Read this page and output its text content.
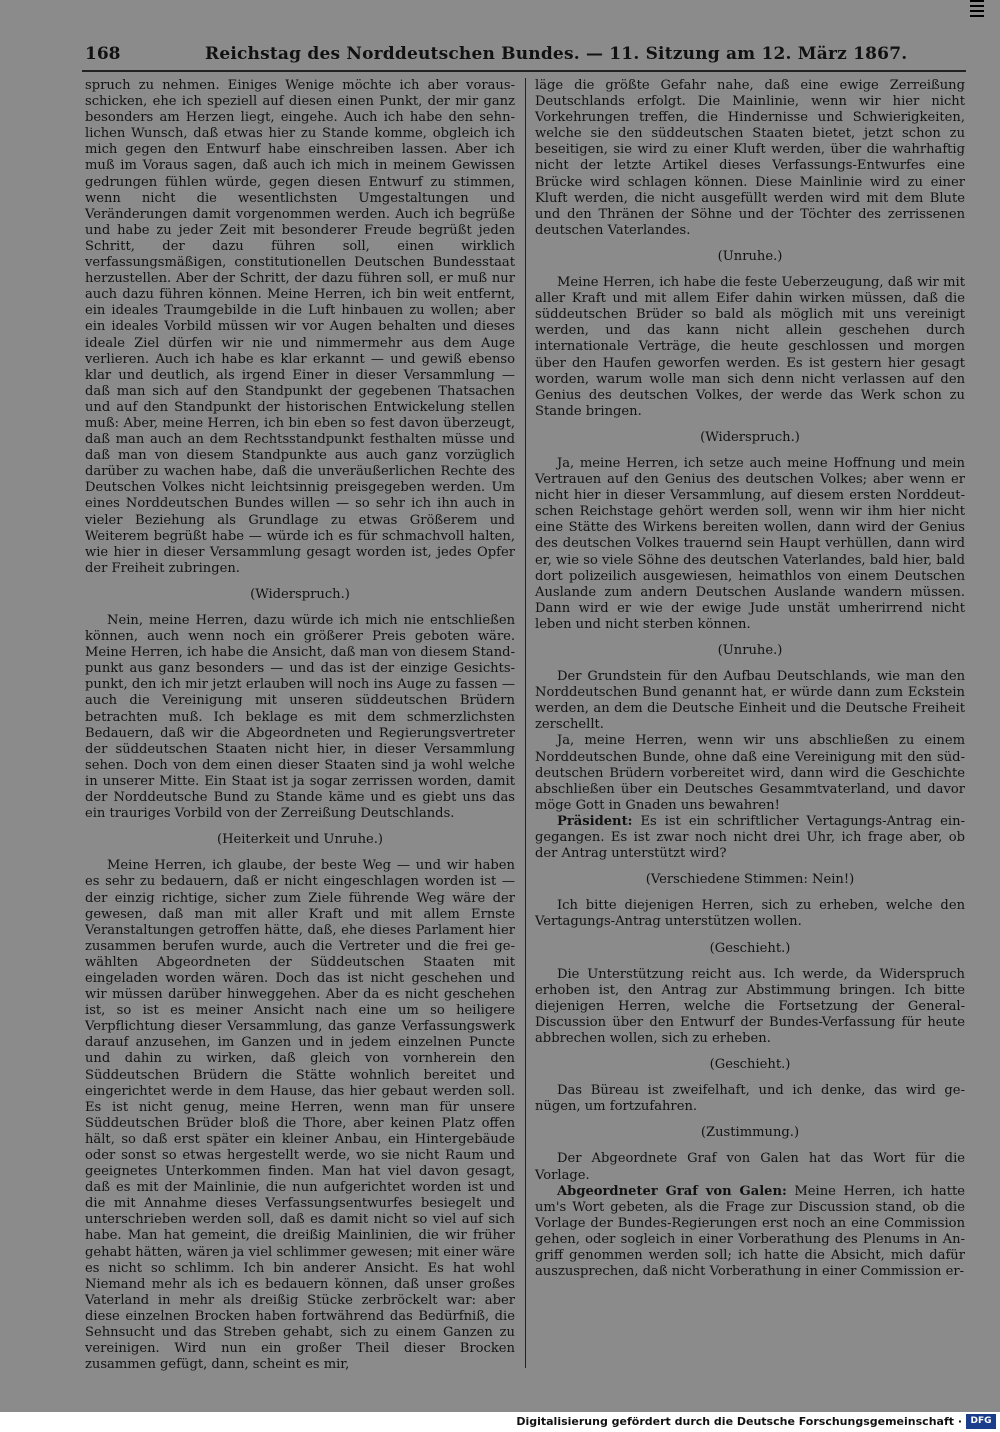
168	Reichstag des Norddeutschen Bundes. — 11. Sitzung am 12. März 1867.

spruch zu nehmen. Einiges Wenige möchte ich aber vorausschicken, ehe ich speziell auf diesen einen Punkt, der mir ganz besonders am Herzen liegt, eingehe. Auch ich habe den sehnlichen Wunsch, daß etwas hier zu Stande komme, obgleich ich mich gegen den Entwurf habe einschreiben lassen. Aber ich muß im Voraus sagen, daß auch ich mich in meinem Gewissen gedrungen fühlen würde, gegen diesen Entwurf zu stimmen, wenn nicht die wesentlichsten Umgestaltungen und Veränderungen damit vorgenommen werden. Auch ich begrüße und habe zu jeder Zeit mit besonderer Freude begrüßt jeden Schritt, der dazu führen soll, einen wirklich verfassungsmäßigen, constitutionellen Deutschen Bundesstaat herzustellen. Aber der Schritt, der dazu führen soll, er muß nur auch dazu führen können. Meine Herren, ich bin weit entfernt, ein ideales Traumgebilde in die Luft hinbauen zu wollen; aber ein ideales Vorbild müssen wir vor Augen behalten und dieses ideale Ziel dürfen wir nie und nimmermehr aus dem Auge verlieren. Auch ich habe es klar erkannt — und gewiß ebenso klar und deutlich, als irgend Einer in dieser Versammlung — daß man sich auf den Standpunkt der gegebenen Thatsachen und auf den Standpunkt der historischen Entwickelung stellen muß: Aber, meine Herren, ich bin eben so fest davon überzeugt, daß man auch an dem Rechtsstandpunkt festhalten müsse und daß man von diesem Standpunkte aus auch ganz vorzüglich darüber zu wachen habe, daß die unveräußerlichen Rechte des Deutschen Volkes nicht leichtsinnig preisgegeben werden. Um eines Norddeutschen Bundes willen — so sehr ich ihn auch in vieler Beziehung als Grundlage zu etwas Größerem und Weiterem begrüßt habe — würde ich es für schmachvoll halten, wie hier in dieser Versammlung gesagt worden ist, jedes Opfer der Freiheit zubringen.

(Widerspruch.)

Nein, meine Herren, dazu würde ich mich nie entschließen können, auch wenn noch ein größerer Preis geboten wäre. Meine Herren, ich habe die Ansicht, daß man von diesem Standpunkt aus ganz besonders — und das ist der einzige Gesichtspunkt, den ich mir jetzt erlauben will noch ins Auge zu fassen — auch die Vereinigung mit unseren süddeutschen Brüdern betrachten muß. Ich beklage es mit dem schmerzlichsten Bedauern, daß wir die Abgeordneten und Regierungsvertreter der süddeutschen Staaten nicht hier, in dieser Versammlung sehen. Doch von dem einen dieser Staaten sind ja wohl welche in unserer Mitte. Ein Staat ist ja sogar zerrissen worden, damit der Norddeutsche Bund zu Stande käme und es giebt uns das ein trauriges Vorbild von der Zerreißung Deutschlands.

(Heiterkeit und Unruhe.)

Meine Herren, ich glaube, der beste Weg — und wir haben es sehr zu bedauern, daß er nicht eingeschlagen worden ist — der einzig richtige, sicher zum Ziele führende Weg wäre der gewesen, daß man mit aller Kraft und mit allem Ernste Veranstaltungen getroffen hätte, daß, ehe dieses Parlament hier zusammen berufen wurde, auch die Vertreter und die frei gewählten Abgeordneten der Süddeutschen Staaten mit eingeladen worden wären. Doch das ist nicht geschehen und wir müssen darüber hinweggehen. Aber da es nicht geschehen ist, so ist es meiner Ansicht nach eine um so heiligere Verpflichtung dieser Versammlung, das ganze Verfassungswerk darauf anzusehen, im Ganzen und in jedem einzelnen Puncte und dahin zu wirken, daß gleich von vornherein den Süddeutschen Brüdern die Stätte wohnlich bereitet und eingerichtet werde in dem Hause, das hier gebaut werden soll. Es ist nicht genug, meine Herren, wenn man für unsere Süddeutschen Brüder bloß die Thore, aber keinen Platz offen hält, so daß erst später ein kleiner Anbau, ein Hintergebäude oder sonst so etwas hergestellt werde, wo sie nicht Raum und geeignetes Unterkommen finden. Man hat viel davon gesagt, daß es mit der Mainlinie, die nun aufgerichtet worden ist und die mit Annahme dieses Verfassungsentwurfes besiegelt und unterschrieben werden soll, daß es damit nicht so viel auf sich habe. Man hat gemeint, die dreißig Mainlinien, die wir früher gehabt hätten, wären ja viel schlimmer gewesen; mit einer wäre es nicht so schlimm. Ich bin anderer Ansicht. Es hat wohl Niemand mehr als ich es bedauern können, daß unser großes Vaterland in mehr als dreißig Stücke zerbröckelt war: aber diese einzelnen Brocken haben fortwährend das Bedürfniß, die Sehnsucht und das Streben gehabt, sich zu einem Ganzen zu vereinigen. Wird nun ein großer Theil dieser Brocken zusammen gefügt, dann, scheint es mir,

läge die größte Gefahr nahe, daß eine ewige Zerreißung Deutschlands erfolgt. Die Mainlinie, wenn wir hier nicht Vorkehrungen treffen, die Hindernisse und Schwierigkeiten, welche sie den süddeutschen Staaten bietet, jetzt schon zu beseitigen, sie wird zu einer Kluft werden, über die wahrhaftig nicht der letzte Artikel dieses Verfassungs-Entwurfes eine Brücke wird schlagen können. Diese Mainlinie wird zu einer Kluft werden, die nicht ausgefüllt werden wird mit dem Blute und den Thränen der Söhne und der Töchter des zerrissenen deutschen Vaterlandes.

(Unruhe.)

Meine Herren, ich habe die feste Ueberzeugung, daß wir mit aller Kraft und mit allem Eifer dahin wirken müssen, daß die süddeutschen Brüder so bald als möglich mit uns vereinigt werden, und das kann nicht allein geschehen durch internationale Verträge, die heute geschlossen und morgen über den Haufen geworfen werden. Es ist gestern hier gesagt worden, warum wolle man sich denn nicht verlassen auf den Genius des deutschen Volkes, der werde das Werk schon zu Stande bringen.

(Widerspruch.)

Ja, meine Herren, ich setze auch meine Hoffnung und mein Vertrauen auf den Genius des deutschen Volkes; aber wenn er nicht hier in dieser Versammlung, auf diesem ersten Norddeutschen Reichstage gehört werden soll, wenn wir ihm hier nicht eine Stätte des Wirkens bereiten wollen, dann wird der Genius des deutschen Volkes trauernd sein Haupt verhüllen, dann wird er, wie so viele Söhne des deutschen Vaterlandes, bald hier, bald dort polizeilich ausgewiesen, heimathlos von einem Deutschen Auslande zum andern Deutschen Auslande wandern müssen. Dann wird er wie der ewige Jude unstät umherirrend nicht leben und nicht sterben können.

(Unruhe.)

Der Grundstein für den Aufbau Deutschlands, wie man den Norddeutschen Bund genannt hat, er würde dann zum Eckstein werden, an dem die Deutsche Einheit und die Deutsche Freiheit zerschellt.

Ja, meine Herren, wenn wir uns abschließen zu einem Norddeutschen Bunde, ohne daß eine Vereinigung mit den süddeutschen Brüdern vorbereitet wird, dann wird die Geschichte abschließen über ein Deutsches Gesammtvaterland, und davor möge Gott in Gnaden uns bewahren!

Präsident: Es ist ein schriftlicher Vertagungs-Antrag eingegangen. Es ist zwar noch nicht drei Uhr, ich frage aber, ob der Antrag unterstützt wird?

(Verschiedene Stimmen: Nein!)

Ich bitte diejenigen Herren, sich zu erheben, welche den Vertagungs-Antrag unterstützen wollen.

(Geschieht.)

Die Unterstützung reicht aus. Ich werde, da Widerspruch erhoben ist, den Antrag zur Abstimmung bringen. Ich bitte diejenigen Herren, welche die Fortsetzung der General-Discussion über den Entwurf der Bundes-Verfassung für heute abbrechen wollen, sich zu erheben.

(Geschieht.)

Das Büreau ist zweifelhaft, und ich denke, das wird genügen, um fortzufahren.

(Zustimmung.)

Der Abgeordnete Graf von Galen hat das Wort für die Vorlage.

Abgeordneter Graf von Galen: Meine Herren, ich hatte um's Wort gebeten, als die Frage zur Discussion stand, ob die Vorlage der Bundes-Regierungen erst noch an eine Commission gehen, oder sogleich in einer Vorberathung des Plenums in Angriff genommen werden soll; ich hatte die Absicht, mich dafür auszusprechen, daß nicht Vorberathung in einer Commission er-

Digitalisierung gefördert durch die Deutsche Forschungsgemeinschaft · DFG
